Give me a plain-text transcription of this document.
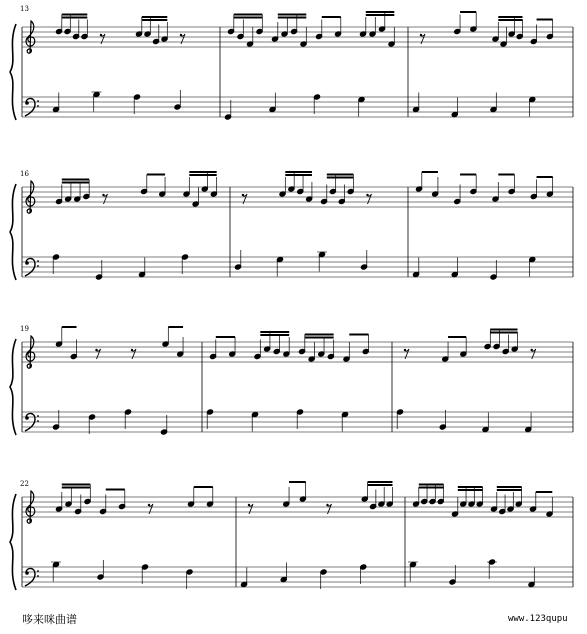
13
16
19
22
哆来咪曲谱	www.123qupu
